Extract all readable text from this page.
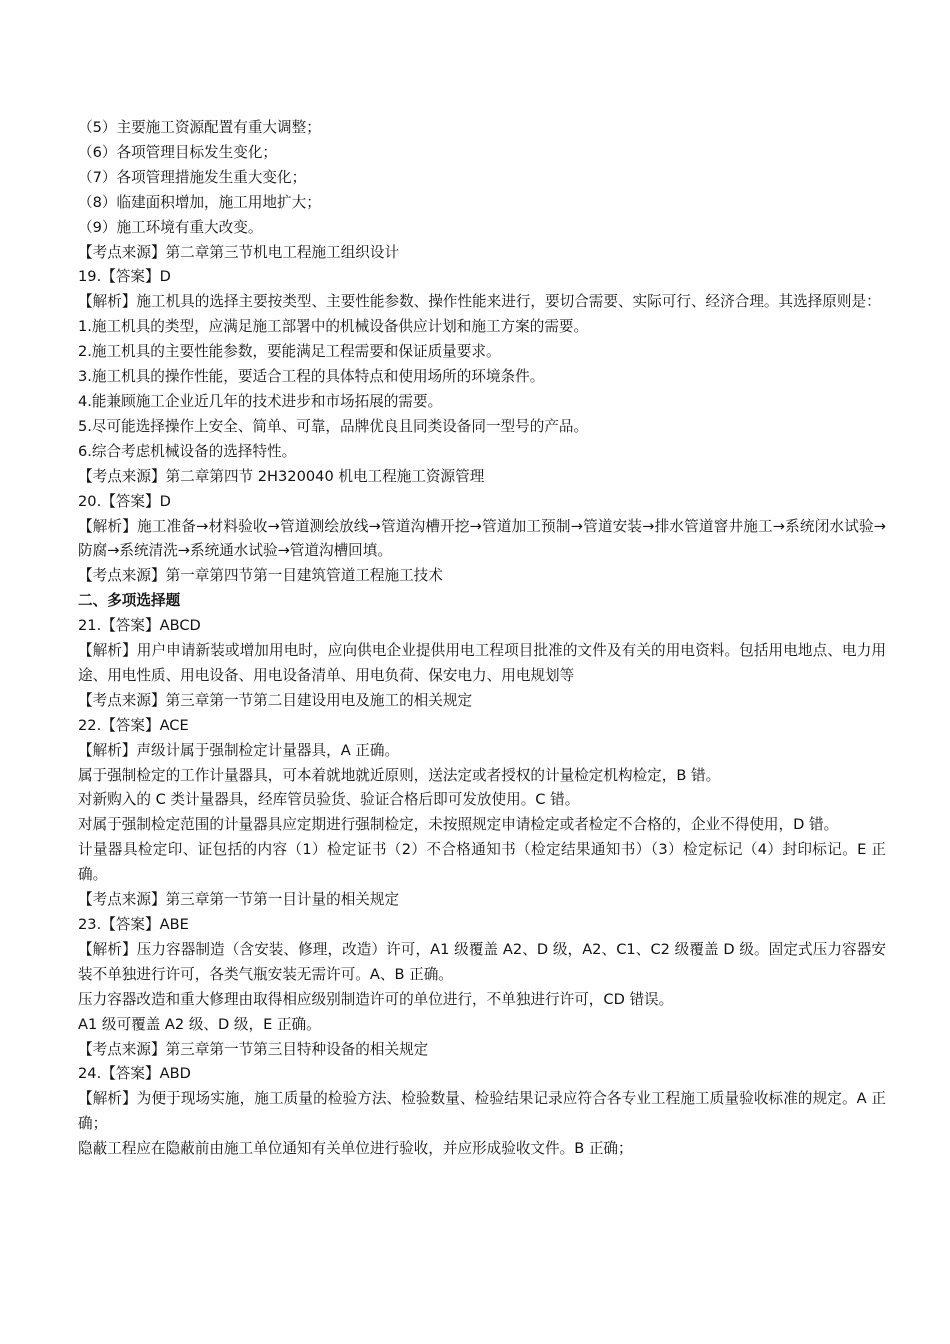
（5）主要施工资源配置有重大调整；
（6）各项管理目标发生变化；
（7）各项管理措施发生重大变化；
（8）临建面积增加，施工用地扩大；
（9）施工环境有重大改变。
【考点来源】第二章第三节机电工程施工组织设计
19.【答案】D
【解析】施工机具的选择主要按类型、主要性能参数、操作性能来进行，要切合需要、实际可行、经济合理。其选择原则是：
1.施工机具的类型，应满足施工部署中的机械设备供应计划和施工方案的需要。
2.施工机具的主要性能参数，要能满足工程需要和保证质量要求。
3.施工机具的操作性能，要适合工程的具体特点和使用场所的环境条件。
4.能兼顾施工企业近几年的技术进步和市场拓展的需要。
5.尽可能选择操作上安全、简单、可靠，品牌优良且同类设备同一型号的产品。
6.综合考虑机械设备的选择特性。
【考点来源】第二章第四节 2H320040 机电工程施工资源管理
20.【答案】D
【解析】施工准备→材料验收→管道测绘放线→管道沟槽开挖→管道加工预制→管道安装→排水管道窨井施工→系统闭水试验→防腐→系统清洗→系统通水试验→管道沟槽回填。
【考点来源】第一章第四节第一目建筑管道工程施工技术
二、多项选择题
21.【答案】ABCD
【解析】用户申请新装或增加用电时，应向供电企业提供用电工程项目批准的文件及有关的用电资料。包括用电地点、电力用途、用电性质、用电设备、用电设备清单、用电负荷、保安电力、用电规划等
【考点来源】第三章第一节第二目建设用电及施工的相关规定
22.【答案】ACE
【解析】声级计属于强制检定计量器具，A 正确。
属于强制检定的工作计量器具，可本着就地就近原则，送法定或者授权的计量检定机构检定，B 错。
对新购入的 C 类计量器具，经库管员验货、验证合格后即可发放使用。C 错。
对属于强制检定范围的计量器具应定期进行强制检定，未按照规定申请检定或者检定不合格的，企业不得使用，D 错。
计量器具检定印、证包括的内容（1）检定证书（2）不合格通知书（检定结果通知书）（3）检定标记（4）封印标记。E 正确。
【考点来源】第三章第一节第一目计量的相关规定
23.【答案】ABE
【解析】压力容器制造（含安装、修理，改造）许可，A1 级覆盖 A2、D 级，A2、C1、C2 级覆盖 D 级。固定式压力容器安装不单独进行许可，各类气瓶安装无需许可。A、B 正确。
压力容器改造和重大修理由取得相应级别制造许可的单位进行，不单独进行许可，CD 错误。
A1 级可覆盖 A2 级、D 级，E 正确。
【考点来源】第三章第一节第三目特种设备的相关规定
24.【答案】ABD
【解析】为便于现场实施，施工质量的检验方法、检验数量、检验结果记录应符合各专业工程施工质量验收标准的规定。A 正确；
隐蔽工程应在隐蔽前由施工单位通知有关单位进行验收，并应形成验收文件。B 正确；
